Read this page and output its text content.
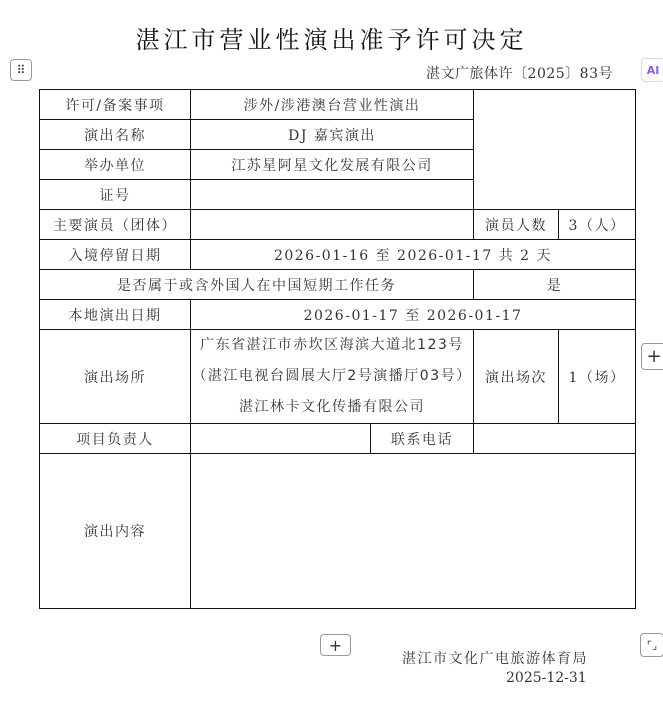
湛江市营业性演出准予许可决定
⠿	湛文广旅体许〔2025〕83号	AI
许可/备案事项	涉外/涉港澳台营业性演出			
演出名称	DJ 嘉宾演出			
举办单位	江苏星阿星文化发展有限公司			
证号				
主要演员（团体）			演员人数	3（人）
入境停留日期	2026-01-16 至 2026-01-17 共 2 天			
是否属于或含外国人在中国短期工作任务			是	
本地演出日期	2026-01-17 至 2026-01-17			
演出场所	广东省湛江市赤坎区海滨大道北123号（湛江电视台圆展大厅2号演播厅03号）湛江林卡文化传播有限公司		演出场次	1（场）
项目负责人		联系电话		
演出内容				
+
+	⌜⌟
湛江市文化广电旅游体育局
2025-12-31
